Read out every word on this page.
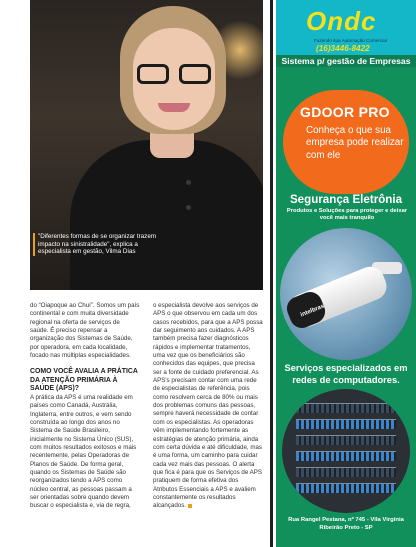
"Diferentes formas de se organizar trazem impacto na sinistralidade", explica a especialista em gestão, Vilma Dias

do “Oiapoque ao Chuí”. Somos um país continental e com muita diversidade regional na oferta de serviços de saúde. É preciso repensar a organização dos Sistemas de Saúde, por operadora, em cada localidade, focado nas múltiplas especialidades.

COMO VOCÊ AVALIA A PRÁTICA DA ATENÇÃO PRIMÁRIA À SAÚDE (APS)?

A prática da APS é uma realidade em países como Canadá, Austrália, Inglaterra, entre outros, e vem sendo construída ao longo dos anos no Sistema de Saúde Brasileiro, inicialmente no Sistema Único (SUS), com muitos resultados exitosos e mais recentemente, pelas Operadoras de Planos de Saúde. De forma geral, quando os Sistemas de Saúde são reorganizados tendo a APS como núcleo central, as pessoas passam a ser orientadas sobre quando devem buscar o especialista e, via de regra,

o especialista devolve aos serviços de APS o que observou em cada um dos casos recebidos, para que a APS possa dar seguimento aos cuidados. A APS também precisa fazer diagnósticos rápidos e implementar tratamentos, uma vez que os beneficiários são conhecidos das equipes, que precisa ser a fonte de cuidado preferencial. As APS's precisam contar com uma rede de especialistas de referência, pois como resolvem cerca de 80% ou mais dos problemas comuns das pessoas, sempre haverá necessidade de contar com os especialistas. As operadoras vêm implementando fortemente as estratégias de atenção primária, ainda com certa dúvida e até dificuldade, mas é uma forma, um caminho para cuidar cada vez mais das pessoas. O alerta que fica é para que os Serviços de APS pratiquem de forma efetiva dos Atributos Essenciais a APS e avaliem constantemente os resultados alcançados.

Ondc
Fazendo sua Automação Comercial
(16)3446-8422
Sistema p/ gestão de Empresas
GDOOR PRO
Conheça o que sua empresa pode realizar com ele
Segurança Eletrônia
Produtos e Soluções para proteger e deixar você mais tranquilo
intelbras
Serviços especializados em redes de computadores.
Rua Rangel Pestana, nº 745 - Vila Virgínia Ribeirão Preto - SP
